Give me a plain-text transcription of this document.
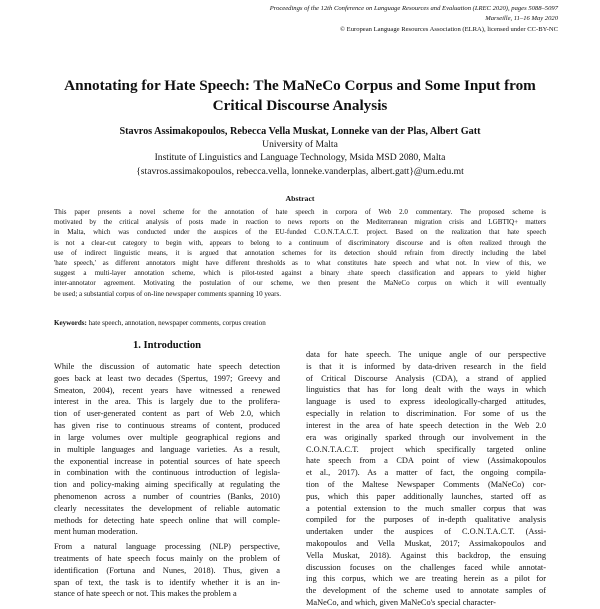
Proceedings of the 12th Conference on Language Resources and Evaluation (LREC 2020), pages 5088–5097
Marseille, 11–16 May 2020
© European Language Resources Association (ELRA), licensed under CC-BY-NC
Annotating for Hate Speech: The MaNeCo Corpus and Some Input from
Critical Discourse Analysis
Stavros Assimakopoulos, Rebecca Vella Muskat, Lonneke van der Plas, Albert Gatt
University of Malta
Institute of Linguistics and Language Technology, Msida MSD 2080, Malta
{stavros.assimakopoulos, rebecca.vella, lonneke.vanderplas, albert.gatt}@um.edu.mt
Abstract
This paper presents a novel scheme for the annotation of hate speech in corpora of Web 2.0 commentary. The proposed scheme is
motivated by the critical analysis of posts made in reaction to news reports on the Mediterranean migration crisis and LGBTIQ+ matters
in Malta, which was conducted under the auspices of the EU-funded C.O.N.T.A.C.T. project. Based on the realization that hate speech
is not a clear-cut category to begin with, appears to belong to a continuum of discriminatory discourse and is often realized through the
use of indirect linguistic means, it is argued that annotation schemes for its detection should refrain from directly including the label
'hate speech,' as different annotators might have different thresholds as to what constitutes hate speech and what not. In view of this, we
suggest a multi-layer annotation scheme, which is pilot-tested against a binary ±hate speech classification and appears to yield higher
inter-annotator agreement. Motivating the postulation of our scheme, we then present the MaNeCo corpus on which it will eventually
be used; a substantial corpus of on-line newspaper comments spanning 10 years.
Keywords: hate speech, annotation, newspaper comments, corpus creation
1. Introduction

While the discussion of automatic hate speech detection
goes back at least two decades (Spertus, 1997; Greevy and
Smeaton, 2004), recent years have witnessed a renewed
interest in the area. This is largely due to the prolifera-
tion of user-generated content as part of Web 2.0, which
has given rise to continuous streams of content, produced
in large volumes over multiple geographical regions and
in multiple languages and language varieties. As a result,
the exponential increase in potential sources of hate speech
in combination with the continuous introduction of legisla-
tion and policy-making aiming specifically at regulating the
phenomenon across a number of countries (Banks, 2010)
clearly necessitates the development of reliable automatic
methods for detecting hate speech online that will comple-
ment human moderation.

From a natural language processing (NLP) perspective,
treatments of hate speech focus mainly on the problem of
identification (Fortuna and Nunes, 2018). Thus, given a
span of text, the task is to identify whether it is an in-
stance of hate speech or not. This makes the problem a

data for hate speech. The unique angle of our perspective
is that it is informed by data-driven research in the field
of Critical Discourse Analysis (CDA), a strand of applied
linguistics that has for long dealt with the ways in which
language is used to express ideologically-charged attitudes,
especially in relation to discrimination. For some of us the
interest in the area of hate speech detection in the Web 2.0
era was originally sparked through our involvement in the
C.O.N.T.A.C.T. project which specifically targeted online
hate speech from a CDA point of view (Assimakopoulos
et al., 2017). As a matter of fact, the ongoing compila-
tion of the Maltese Newspaper Comments (MaNeCo) cor-
pus, which this paper additionally launches, started off as
a potential extension to the much smaller corpus that was
compiled for the purposes of in-depth qualitative analysis
undertaken under the auspices of C.O.N.T.A.C.T. (Assi-
makopoulos and Vella Muskat, 2017; Assimakopoulos and
Vella Muskat, 2018). Against this backdrop, the ensuing
discussion focuses on the challenges faced while annotat-
ing this corpus, which we are treating herein as a pilot for
the development of the scheme used to annotate samples of
MaNeCo, and which, given MaNeCo's special character-
